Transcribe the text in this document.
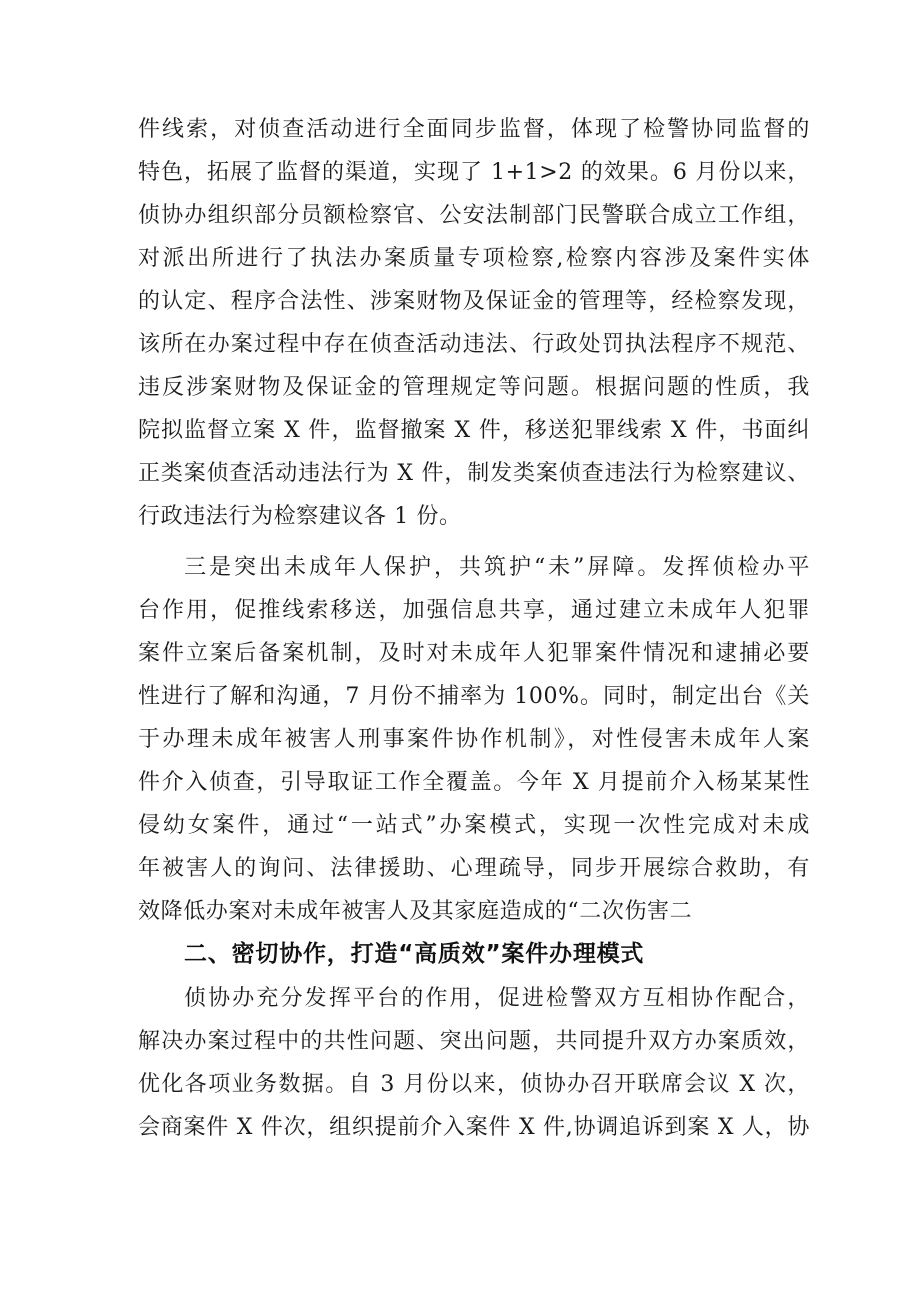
件线索，对侦查活动进行全面同步监督，体现了检警协同监督的
特色，拓展了监督的渠道，实现了 1+1>2 的效果。6 月份以来，
侦协办组织部分员额检察官、公安法制部门民警联合成立工作组，
对派出所进行了执法办案质量专项检察,检察内容涉及案件实体
的认定、程序合法性、涉案财物及保证金的管理等，经检察发现，
该所在办案过程中存在侦查活动违法、行政处罚执法程序不规范、
违反涉案财物及保证金的管理规定等问题。根据问题的性质，我
院拟监督立案 X 件，监督撤案 X 件，移送犯罪线索 X 件，书面纠
正类案侦查活动违法行为 X 件，制发类案侦查违法行为检察建议、
行政违法行为检察建议各 1 份。
三是突出未成年人保护，共筑护“未”屏障。发挥侦检办平
台作用，促推线索移送，加强信息共享，通过建立未成年人犯罪
案件立案后备案机制，及时对未成年人犯罪案件情况和逮捕必要
性进行了解和沟通，7 月份不捕率为 100%。同时，制定出台《关
于办理未成年被害人刑事案件协作机制》，对性侵害未成年人案
件介入侦查，引导取证工作全覆盖。今年 X 月提前介入杨某某性
侵幼女案件，通过“一站式”办案模式，实现一次性完成对未成
年被害人的询问、法律援助、心理疏导，同步开展综合救助，有
效降低办案对未成年被害人及其家庭造成的“二次伤害二
二、密切协作，打造“高质效”案件办理模式
侦协办充分发挥平台的作用，促进检警双方互相协作配合，
解决办案过程中的共性问题、突出问题，共同提升双方办案质效，
优化各项业务数据。自 3 月份以来，侦协办召开联席会议 X 次，
会商案件 X 件次，组织提前介入案件 X 件,协调追诉到案 X 人，协
